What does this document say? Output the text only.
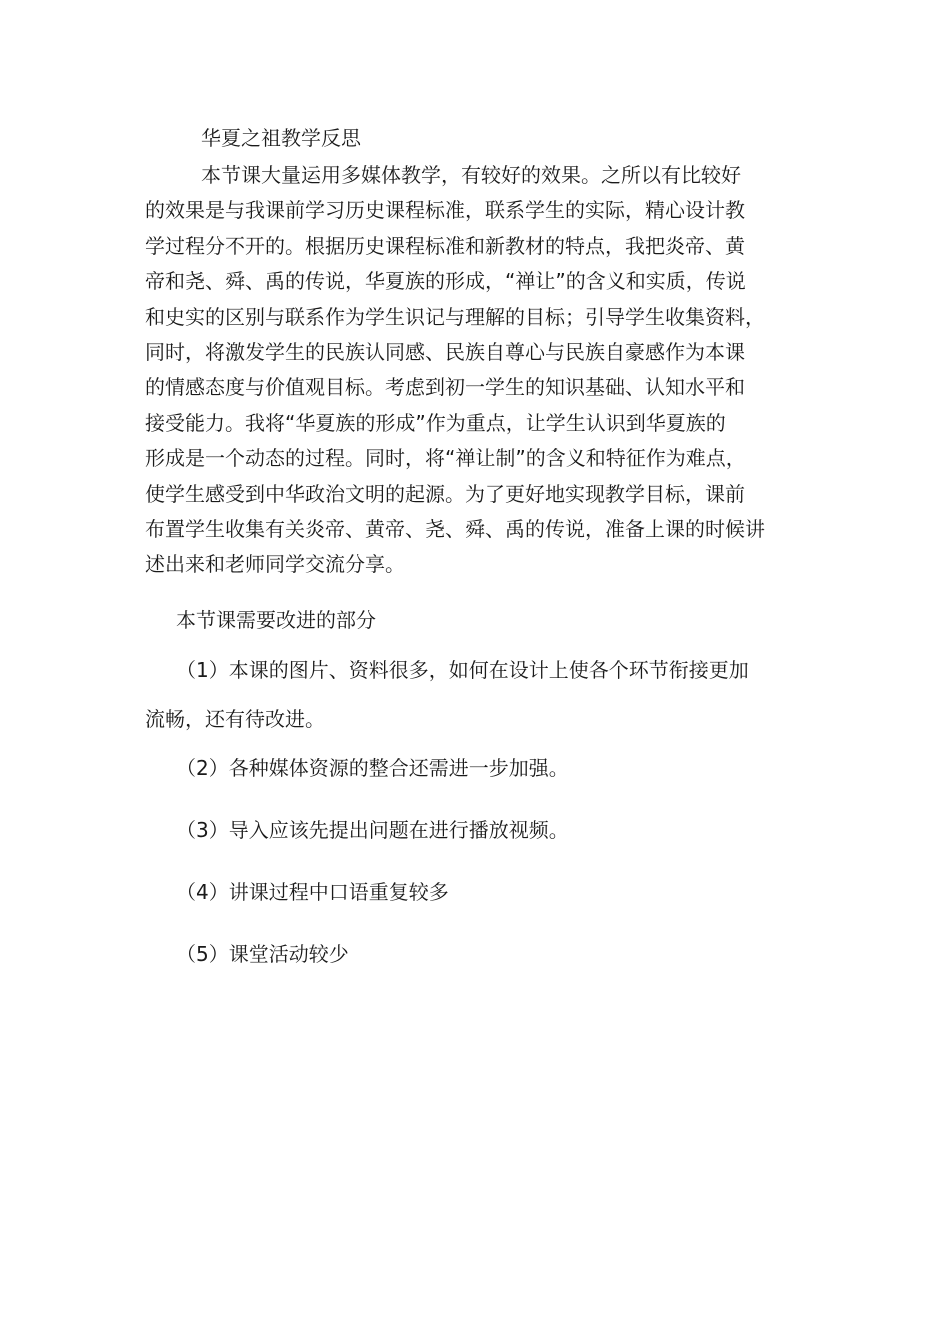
华夏之祖教学反思
本节课大量运用多媒体教学，有较好的效果。之所以有比较好
的效果是与我课前学习历史课程标准，联系学生的实际，精心设计教
学过程分不开的。根据历史课程标准和新教材的特点，我把炎帝、黄
帝和尧、舜、禹的传说，华夏族的形成，“禅让”的含义和实质，传说
和史实的区别与联系作为学生识记与理解的目标；引导学生收集资料，
同时，将激发学生的民族认同感、民族自尊心与民族自豪感作为本课
的情感态度与价值观目标。考虑到初一学生的知识基础、认知水平和
接受能力。我将“华夏族的形成”作为重点，让学生认识到华夏族的
形成是一个动态的过程。同时，将“禅让制”的含义和特征作为难点，
使学生感受到中华政治文明的起源。为了更好地实现教学目标，课前
布置学生收集有关炎帝、黄帝、尧、舜、禹的传说，准备上课的时候讲
述出来和老师同学交流分享。
本节课需要改进的部分
（1）本课的图片、资料很多，如何在设计上使各个环节衔接更加
流畅，还有待改进。
（2）各种媒体资源的整合还需进一步加强。
（3）导入应该先提出问题在进行播放视频。
（4）讲课过程中口语重复较多
（5）课堂活动较少
